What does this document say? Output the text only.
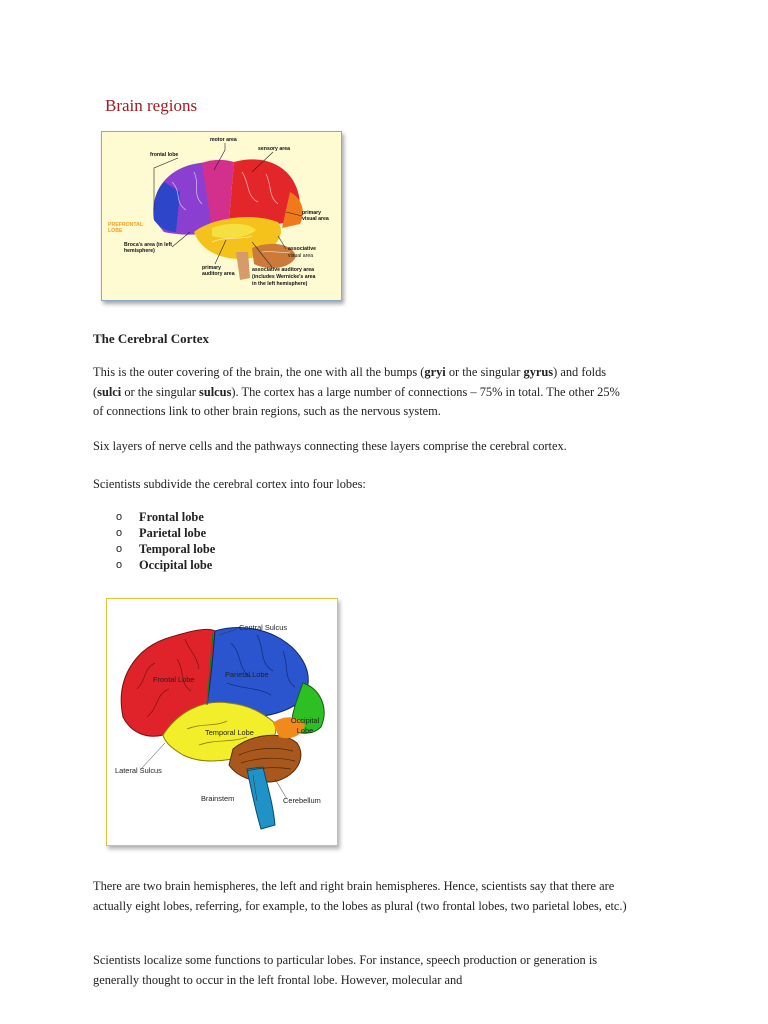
Brain regions
motor area
sensory area
frontal lobe
PREFRONTAL
LOBE
primary
visual area
Broca's area (in left
hemisphere)	associative
visual area
primary
auditory area
associative auditory area
(includes Wernicke's area
in the left hemisphere)
The Cerebral Cortex

This is the outer covering of the brain, the one with all the bumps (gryi or the singular gyrus) and folds (sulci or the singular sulcus). The cortex has a large number of connections – 75% in total. The other 25% of connections link to other brain regions, such as the nervous system.

Six layers of nerve cells and the pathways connecting these layers comprise the cerebral cortex.

Scientists subdivide the cerebral cortex into four lobes:

o	Frontal lobe
o	Parietal lobe
o	Temporal lobe
o	Occipital lobe
Central Sulcus
Frontal Lobe
Parietal Lobe
Occipital
Lobe
Temporal Lobe
Lateral Sulcus
Brainstem	Cerebellum

There are two brain hemispheres, the left and right brain hemispheres. Hence, scientists say that there are actually eight lobes, referring, for example, to the lobes as plural (two frontal lobes, two parietal lobes, etc.)

Scientists localize some functions to particular lobes. For instance, speech production or generation is generally thought to occur in the left frontal lobe. However, molecular and
